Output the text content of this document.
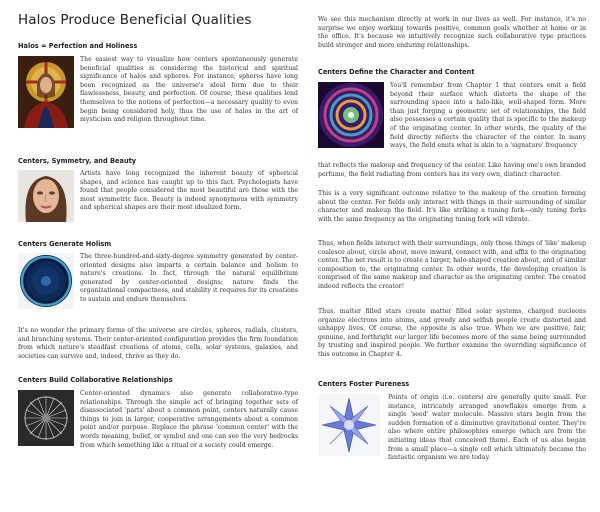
Halos Produce Beneficial Qualities
Halos = Perfection and Holiness

The easiest way to visualize how centers spontaneously generate beneficial qualities is considering the historical and spiritual significance of halos and spheres. For instance, spheres have long been recognized as the universe's ideal form due to their flawlessness, beauty, and perfection. Of course, these qualities lend themselves to the notions of perfection—a necessary quality to even begin being considered holy, thus the use of halos in the art of mysticism and religion throughout time.

Centers, Symmetry, and Beauty

Artists have long recognized the inherent beauty of spherical shapes, and science has caught up to this fact. Psychologists have found that people considered the most beautiful are those with the most symmetric face. Beauty is indeed synonymous with symmetry and spherical shapes are their most idealized form.

Centers Generate Holism

The three-hundred-and-sixty-degree symmetry generated by center-oriented designs also imparts a certain balance and holism to nature's creations. In fact, through the natural equilibrium generated by center-oriented designs; nature finds the organizational compactness, and stability it requires for its creations to sustain and endure themselves.

It's no wonder the primary forms of the universe are circles, spheres, radials, clusters, and branching systems. Their center-oriented configuration provides the firm foundation from which nature's steadfast creations of atoms, cells, solar systems, galaxies, and societies can survive and, indeed, thrive as they do.

Centers Build Collaborative Relationships

Center-oriented dynamics also generate collaborative-type relationships. Through the simple act of bringing together sets of disassociated 'parts' about a common point, centers naturally cause things to join in larger, cooperative arrangements about a common point and/or purpose. Replace the phrase 'common center' with the words meaning, belief, or symbol and one can see the very bedrocks from which something like a ritual or a society could emerge.

We see this mechanism directly at work in our lives as well. For instance, it's no surprise we enjoy working towards positive, common goals whether at home or in the office. It's because we intuitively recognize such collaborative type practices build stronger and more enduring relationships.

Centers Define the Character and Content

You'll remember from Chapter 1 that centers emit a field beyond their surface which distorts the shape of the surrounding space into a halo-like, well-shaped form. More than just forging a geometric set of relationships, the field also possesses a certain quality that is specific to the makeup of the originating center. In other words, the quality of the field directly reflects the character of the center. In many ways, the field emits what is akin to a 'signature' frequency

that reflects the makeup and frequency of the center. Like having one's own branded perfume, the field radiating from centers has its very own, distinct character.

This is a very significant outcome relative to the makeup of the creation forming about the center. For fields only interact with things in their surrounding of similar character and makeup the field. It's like striking a tuning fork—only tuning forks with the same frequency as the originating tuning fork will vibrate.

Thus, when fields interact with their surroundings, only those things of 'like' makeup coalesce about, circle about, move inward, connect with, and affix to the originating center. The net result is to create a larger, halo-shaped creation about, and of similar composition to, the originating center. In other words, the developing creation is comprised of the same makeup and character as the originating center. The created indeed reflects the creator!

Thus, matter filled stars create matter filled solar systems, charged nucleons organize electrons into atoms, and greedy and selfish people create distorted and unhappy lives. Of course, the opposite is also true. When we are positive, fair, genuine, and forthright our larger life becomes more of the same being surrounded by trusting and inspired people. We further examine the overriding significance of this outcome in Chapter 4.

Centers Foster Pureness

Points of origin (i.e. centers) are generally quite small. For instance, intricately arranged snowflakes emerge from a single 'seed' water molecule. Massive stars begin from the sudden formation of a diminutive gravitational center. They're also where entire philosophies emerge (which are from the initiating ideas that conceived them). Each of us also began from a small place—a single cell which ultimately became the fantastic organism we are today.
